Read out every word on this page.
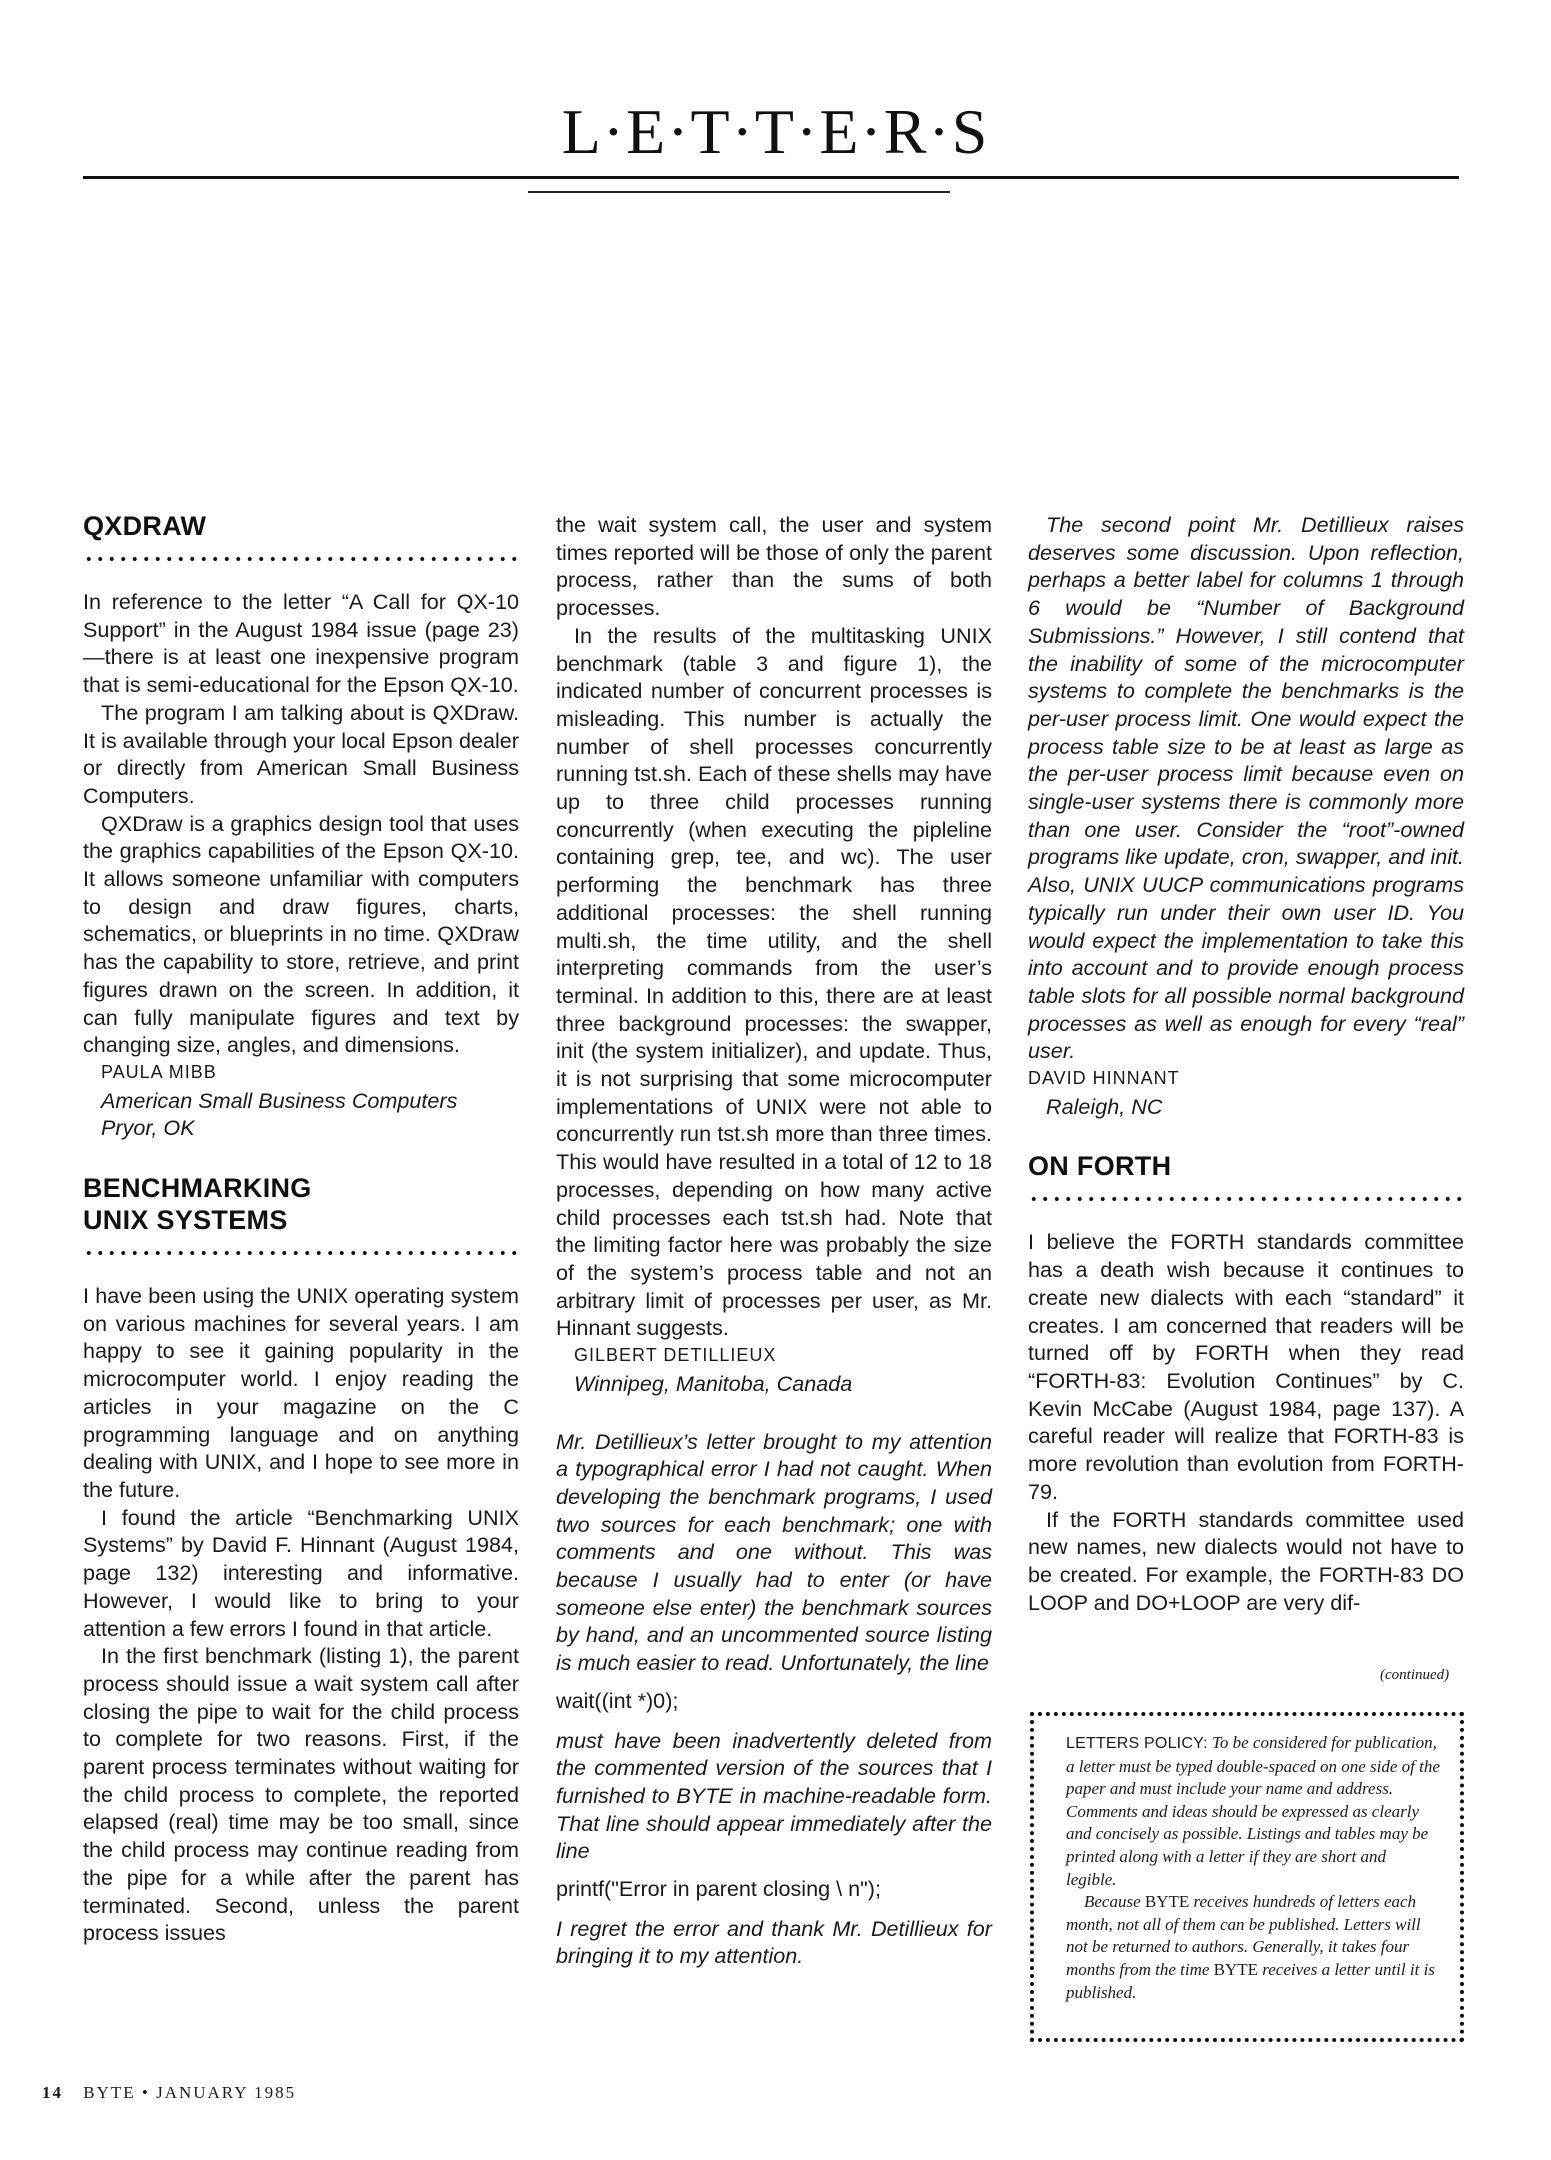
L·E·T·T·E·R·S
QXDRAW

In reference to the letter “A Call for QX-10 Support” in the August 1984 issue (page 23)—there is at least one inexpensive program that is semi-educational for the Epson QX-10.

The program I am talking about is QXDraw. It is available through your local Epson dealer or directly from American Small Business Computers.

QXDraw is a graphics design tool that uses the graphics capabilities of the Epson QX-10. It allows someone unfamiliar with computers to design and draw figures, charts, schematics, or blueprints in no time. QXDraw has the capability to store, retrieve, and print figures drawn on the screen. In addition, it can fully manipulate figures and text by changing size, angles, and dimensions.

PAULA MIBB

American Small Business Computers

Pryor, OK

BENCHMARKING
UNIX SYSTEMS

I have been using the UNIX operating system on various machines for several years. I am happy to see it gaining popularity in the microcomputer world. I enjoy reading the articles in your magazine on the C programming language and on anything dealing with UNIX, and I hope to see more in the future.

I found the article “Benchmarking UNIX Systems” by David F. Hinnant (August 1984, page 132) interesting and informative. However, I would like to bring to your attention a few errors I found in that article.

In the first benchmark (listing 1), the parent process should issue a wait system call after closing the pipe to wait for the child process to complete for two reasons. First, if the parent process terminates without waiting for the child process to complete, the reported elapsed (real) time may be too small, since the child process may continue reading from the pipe for a while after the parent has terminated. Second, unless the parent process issues

the wait system call, the user and system times reported will be those of only the parent process, rather than the sums of both processes.

In the results of the multitasking UNIX benchmark (table 3 and figure 1), the indicated number of concurrent processes is misleading. This number is actually the number of shell processes concurrently running tst.sh. Each of these shells may have up to three child processes running concurrently (when executing the pipleline containing grep, tee, and wc). The user performing the benchmark has three additional processes: the shell running multi.sh, the time utility, and the shell interpreting commands from the user’s terminal. In addition to this, there are at least three background processes: the swapper, init (the system initializer), and update. Thus, it is not surprising that some microcomputer implementations of UNIX were not able to concurrently run tst.sh more than three times. This would have resulted in a total of 12 to 18 processes, depending on how many active child processes each tst.sh had. Note that the limiting factor here was probably the size of the system’s process table and not an arbitrary limit of processes per user, as Mr. Hinnant suggests.

GILBERT DETILLIEUX

Winnipeg, Manitoba, Canada

Mr. Detillieux’s letter brought to my attention a typographical error I had not caught. When developing the benchmark programs, I used two sources for each benchmark; one with comments and one without. This was because I usually had to enter (or have someone else enter) the benchmark sources by hand, and an uncommented source listing is much easier to read. Unfortunately, the line

wait((int *)0);

must have been inadvertently deleted from the commented version of the sources that I furnished to BYTE in machine-readable form. That line should appear immediately after the line

printf("Error in parent closing \ n");

I regret the error and thank Mr. Detillieux for bringing it to my attention.

The second point Mr. Detillieux raises deserves some discussion. Upon reflection, perhaps a better label for columns 1 through 6 would be “Number of Background Submissions.” However, I still contend that the inability of some of the microcomputer systems to complete the benchmarks is the per-user process limit. One would expect the process table size to be at least as large as the per-user process limit because even on single-user systems there is commonly more than one user. Consider the “root”-owned programs like update, cron, swapper, and init. Also, UNIX UUCP communications programs typically run under their own user ID. You would expect the implementation to take this into account and to provide enough process table slots for all possible normal background processes as well as enough for every “real” user.

DAVID HINNANT

Raleigh, NC

ON FORTH

I believe the FORTH standards committee has a death wish because it continues to create new dialects with each “standard” it creates. I am concerned that readers will be turned off by FORTH when they read “FORTH-83: Evolution Continues” by C. Kevin McCabe (August 1984, page 137). A careful reader will realize that FORTH-83 is more revolution than evolution from FORTH-79.

If the FORTH standards committee used new names, new dialects would not have to be created. For example, the FORTH-83 DO LOOP and DO+LOOP are very dif-

(continued)

LETTERS POLICY: To be considered for publication, a letter must be typed double-spaced on one side of the paper and must include your name and address. Comments and ideas should be expressed as clearly and concisely as possible. Listings and tables may be printed along with a letter if they are short and legible.

Because BYTE receives hundreds of letters each month, not all of them can be published. Letters will not be returned to authors. Generally, it takes four months from the time BYTE receives a letter until it is published.

14 BYTE • JANUARY 1985
